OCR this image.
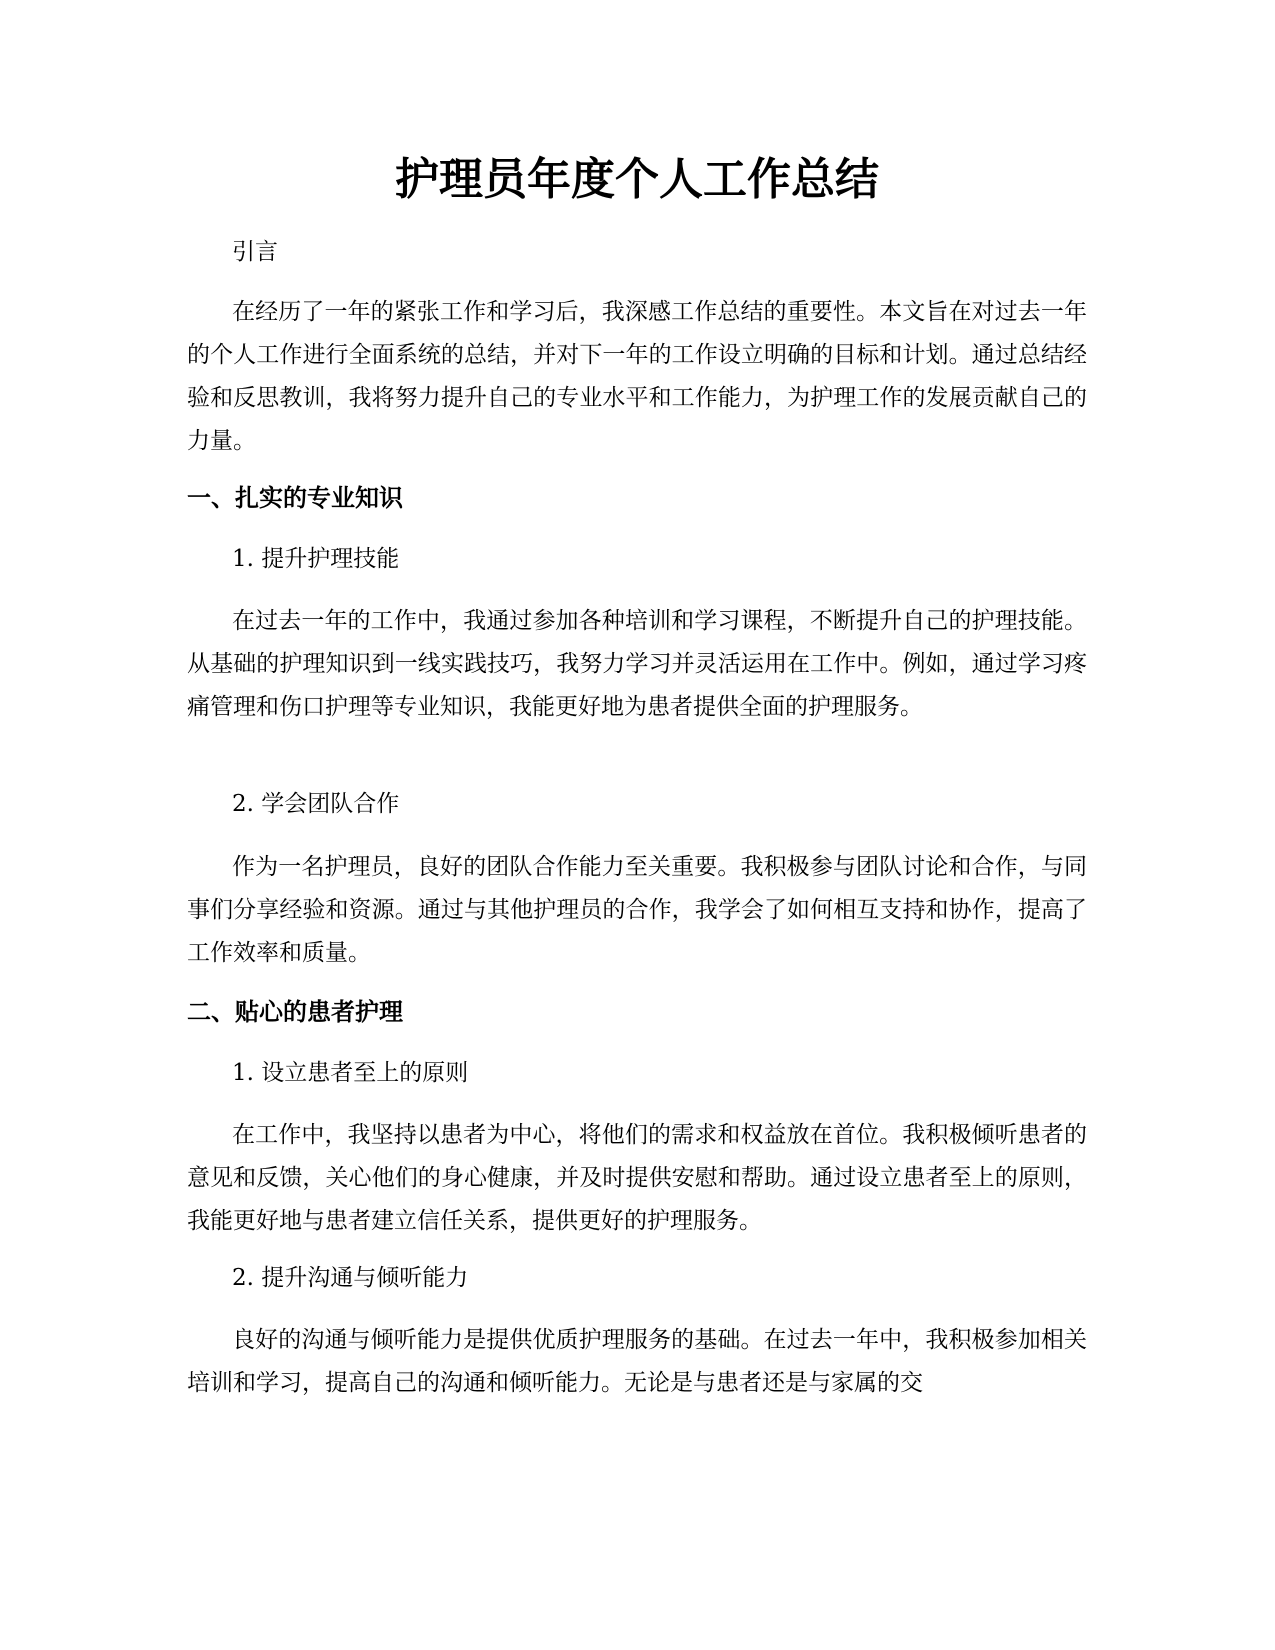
护理员年度个人工作总结

引言

在经历了一年的紧张工作和学习后，我深感工作总结的重要性。本文旨在对过去一年的个人工作进行全面系统的总结，并对下一年的工作设立明确的目标和计划。通过总结经验和反思教训，我将努力提升自己的专业水平和工作能力，为护理工作的发展贡献自己的力量。

一、扎实的专业知识

1. 提升护理技能

在过去一年的工作中，我通过参加各种培训和学习课程，不断提升自己的护理技能。从基础的护理知识到一线实践技巧，我努力学习并灵活运用在工作中。例如，通过学习疼痛管理和伤口护理等专业知识，我能更好地为患者提供全面的护理服务。

2. 学会团队合作

作为一名护理员，良好的团队合作能力至关重要。我积极参与团队讨论和合作，与同事们分享经验和资源。通过与其他护理员的合作，我学会了如何相互支持和协作，提高了工作效率和质量。

二、贴心的患者护理

1. 设立患者至上的原则

在工作中，我坚持以患者为中心，将他们的需求和权益放在首位。我积极倾听患者的意见和反馈，关心他们的身心健康，并及时提供安慰和帮助。通过设立患者至上的原则，我能更好地与患者建立信任关系，提供更好的护理服务。

2. 提升沟通与倾听能力

良好的沟通与倾听能力是提供优质护理服务的基础。在过去一年中，我积极参加相关培训和学习，提高自己的沟通和倾听能力。无论是与患者还是与家属的交
